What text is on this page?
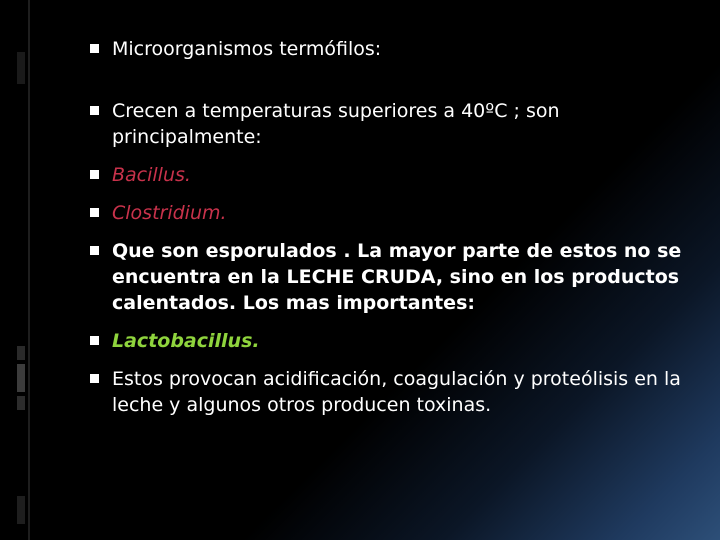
Microorganismos termófilos:
Crecen a temperaturas superiores a 40ºC ; son principalmente:
Bacillus.
Clostridium.
Que son esporulados . La mayor parte de estos no se encuentra en la LECHE CRUDA, sino en los productos calentados. Los mas importantes:
Lactobacillus.
Estos provocan acidificación, coagulación y proteólisis en la leche y algunos otros producen toxinas.
